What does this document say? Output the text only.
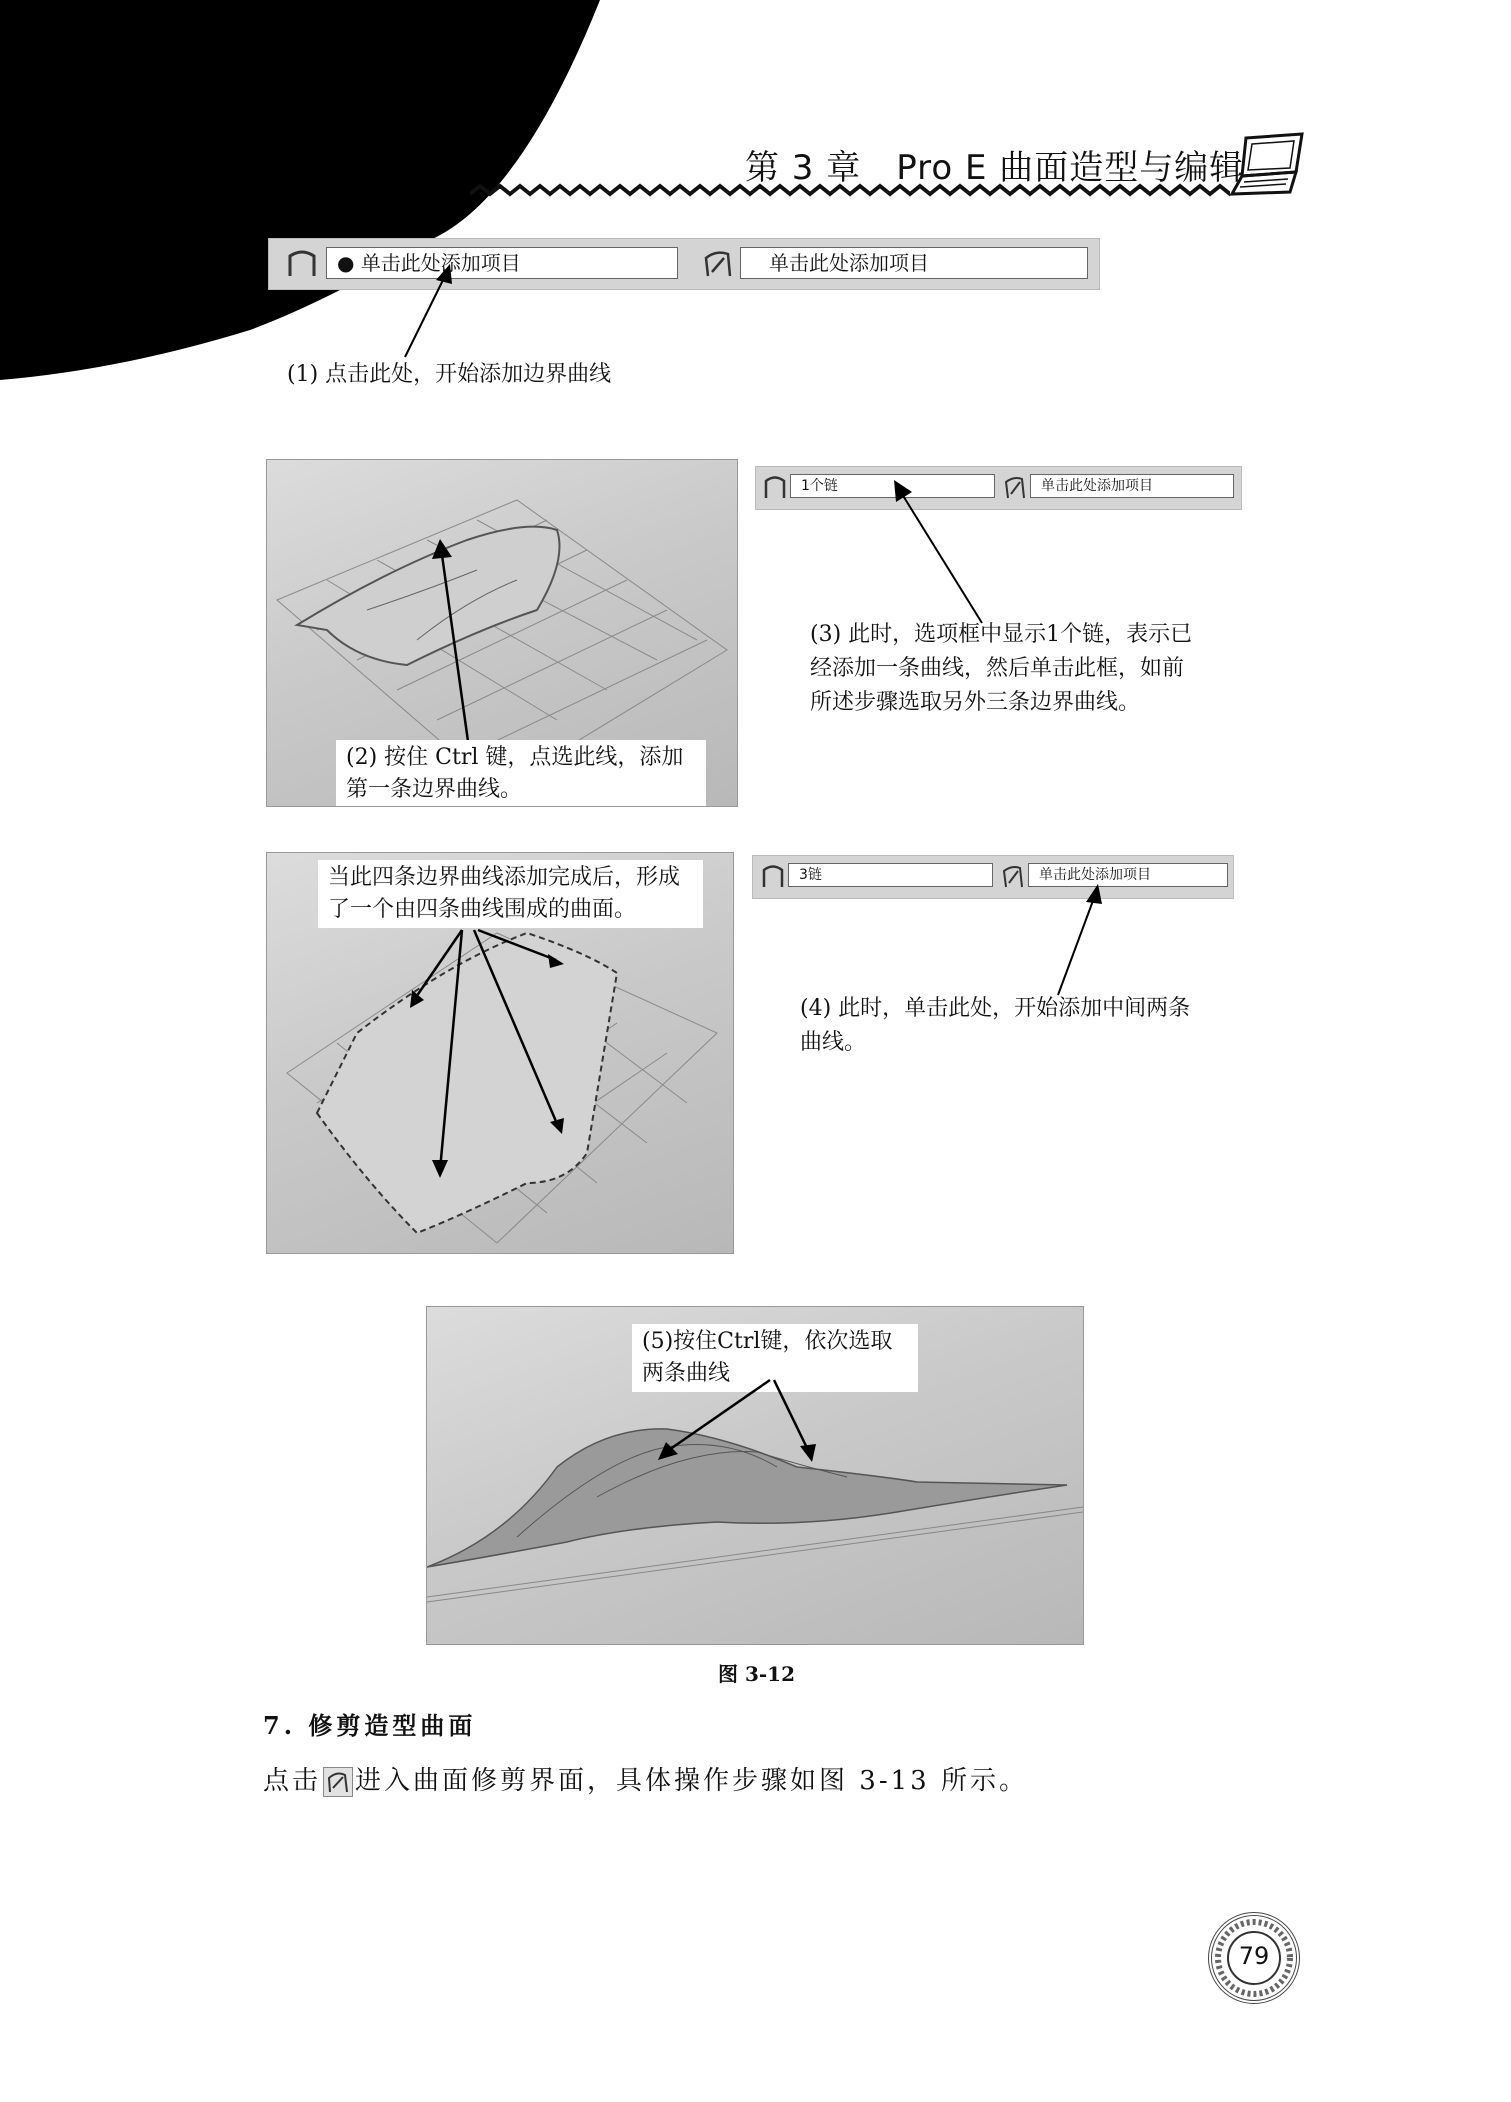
第 3 章　Pro E 曲面造型与编辑
● 单击此处添加项目	单击此处添加项目
(1) 点击此处，开始添加边界曲线
(2) 按住 Ctrl 键，点选此线，添加第一条边界曲线。
1个链	单击此处添加项目
(3) 此时，选项框中显示1个链，表示已经添加一条曲线，然后单击此框，如前所述步骤选取另外三条边界曲线。
当此四条边界曲线添加完成后，形成了一个由四条曲线围成的曲面。
3链	单击此处添加项目
(4) 此时，单击此处，开始添加中间两条曲线。
(5)按住Ctrl键，依次选取两条曲线
图 3-12
7. 修剪造型曲面
点击 进入曲面修剪界面，具体操作步骤如图 3-13 所示。
79
